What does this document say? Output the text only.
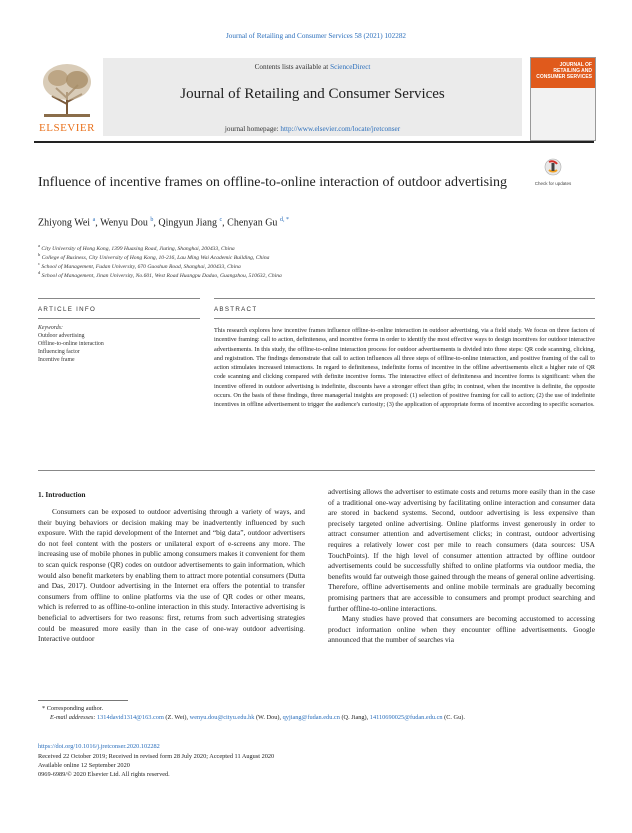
Journal of Retailing and Consumer Services 58 (2021) 102282
ELSEVIER
Contents lists available at ScienceDirect
Journal of Retailing and Consumer Services
journal homepage: http://www.elsevier.com/locate/jretconser
JOURNAL OF RETAILING AND CONSUMER SERVICES
Check for updates
Influence of incentive frames on offline-to-online interaction of outdoor advertising
Zhiyong Wei $^a$, Wenyu Dou $^b$, Qingyun Jiang $^c$, Chenyan Gu $^{d, *}$
$^a$ City University of Hong Kong, 1399 Huaxing Road, Jiuting, Shanghai, 200433, China
$^b$ College of Business, City University of Hong Kong, 10-216, Lau Ming Wai Academic Building, China
$^c$ School of Management, Fudan University, 670 Guoshun Road, Shanghai, 200433, China
$^d$ School of Management, Jinan University, No.601, West Road Huangpu Dadao, Guangzhou, 510632, China
ARTICLE INFO	ABSTRACT
Keywords:
Outdoor advertising
Offline-to-online interaction
Influencing factor
Incentive frame
This research explores how incentive frames influence offline-to-online interaction in outdoor advertising, via a field study. We focus on three factors of incentive framing: call to action, definiteness, and incentive forms in order to identify the most effective ways to design incentives for outdoor interactive advertisements. In this study, the offline-to-online interaction process for outdoor advertisements is divided into three steps: QR code scanning, clicking, and registration. The findings demonstrate that call to action influences all three steps of offline-to-online interaction, and positive framing of the call to action stimulates increased interactions. In regard to definiteness, indefinite forms of incentive in the offline advertisements elicit a higher rate of QR code scanning and clicking compared with definite incentive forms. The interactive effect of definiteness and incentive forms is significant: when the incentive offered in outdoor advertising is indefinite, discounts have a stronger effect than gifts; in contrast, when the incentive is definite, the opposite occurs. On the basis of these findings, three managerial insights are proposed: (1) selection of positive framing for call to action; (2) the use of indefinite incentives in offline advertisement to trigger the audience's curiosity; (3) the application of appropriate forms of incentive according to specific scenarios.
1. Introduction

Consumers can be exposed to outdoor advertising through a variety of ways, and their buying behaviors or decision making may be inadvertently influenced by such exposure. With the rapid development of the Internet and “big data”, outdoor advertisers do not feel content with the posters or unilateral export of e-screens any more. The increasing use of mobile phones in public among consumers makes it convenient for them to scan quick response (QR) codes on outdoor advertisements to gain information, which would also benefit marketers by enabling them to attract more potential consumers (Dutta and Das, 2017). Outdoor advertising in the Internet era offers the potential to transfer consumers from offline to online platforms via the use of QR codes or other means, which is referred to as offline-to-online interaction in this study. Interactive advertising is beneficial to advertisers for two reasons: first, returns from such advertising strategies could be measured more easily than in the case of one-way outdoor advertising. Interactive outdoor

advertising allows the advertiser to estimate costs and returns more easily than in the case of a traditional one-way advertising by facilitating online interaction and consumer data are stored in backend systems. Second, outdoor advertising is less expensive than precisely targeted online advertising. Online platforms invest generously in order to attract consumer attention and advertisement clicks; in contrast, outdoor advertising requires a relatively lower cost per mile to reach consumers (data sources: USA TouchPoints). If the high level of consumer attention attracted by offline outdoor advertisements could be successfully shifted to online platforms via outdoor media, the benefits would far outweigh those gained through the means of general online advertising. Therefore, offline advertisements and online mobile terminals are gradually becoming promising partners that are accessible to consumers and prompt product searching and further offline-to-online interactions.

Many studies have proved that consumers are becoming accustomed to accessing product information online when they encounter offline advertisements. Google announced that the number of searches via

* Corresponding author.
E-mail addresses: 1314david1314@163.com (Z. Wei), wenyu.dou@cityu.edu.hk (W. Dou), qyjiang@fudan.edu.cn (Q. Jiang), 14110690025@fudan.edu.cn (C. Gu).
https://doi.org/10.1016/j.jretconser.2020.102282
Received 22 October 2019; Received in revised form 28 July 2020; Accepted 11 August 2020
Available online 12 September 2020
0969-6989/© 2020 Elsevier Ltd. All rights reserved.
